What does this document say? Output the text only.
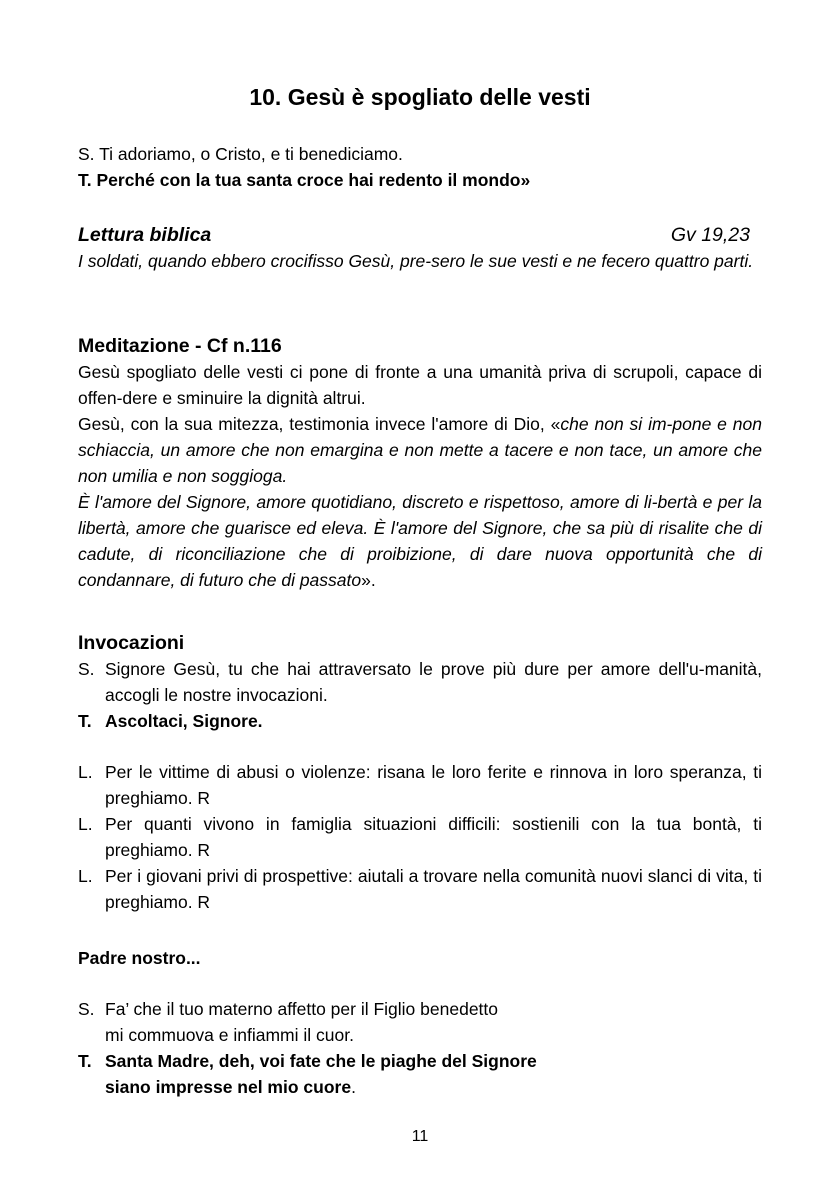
10. Gesù è spogliato delle vesti
S. Ti adoriamo, o Cristo, e ti benediciamo.
T. Perché con la tua santa croce hai redento il mondo»
Lettura biblica	Gv 19,23
I soldati, quando ebbero crocifisso Gesù, pre-sero le sue vesti e ne fecero quattro parti.
Meditazione - Cf n.116
Gesù spogliato delle vesti ci pone di fronte a una umanità priva di scrupoli, capace di offen-dere e sminuire la dignità altrui.
Gesù, con la sua mitezza, testimonia invece l'amore di Dio, «che non si im-pone e non schiaccia, un amore che non emargina e non mette a tacere e non tace, un amore che non umilia e non soggioga.
È l'amore del Signore, amore quotidiano, discreto e rispettoso, amore di li-bertà e per la libertà, amore che guarisce ed eleva. È l'amore del Signore, che sa più di risalite che di cadute, di riconciliazione che di proibizione, di dare nuova opportunità che di condannare, di futuro che di passato».
Invocazioni
S. Signore Gesù, tu che hai attraversato le prove più dure per amore dell'u-manità, accogli le nostre invocazioni.
T. Ascoltaci, Signore.
L. Per le vittime di abusi o violenze: risana le loro ferite e rinnova in loro speranza, ti preghiamo. R
L. Per quanti vivono in famiglia situazioni difficili: sostienili con la tua bontà, ti preghiamo. R
L. Per i giovani privi di prospettive: aiutali a trovare nella comunità nuovi slanci di vita, ti preghiamo. R
Padre nostro...
S. Fa’ che il tuo materno affetto per il Figlio benedetto
mi commuova e infiammi il cuor.
T. Santa Madre, deh, voi fate che le piaghe del Signore
siano impresse nel mio cuore.
11
